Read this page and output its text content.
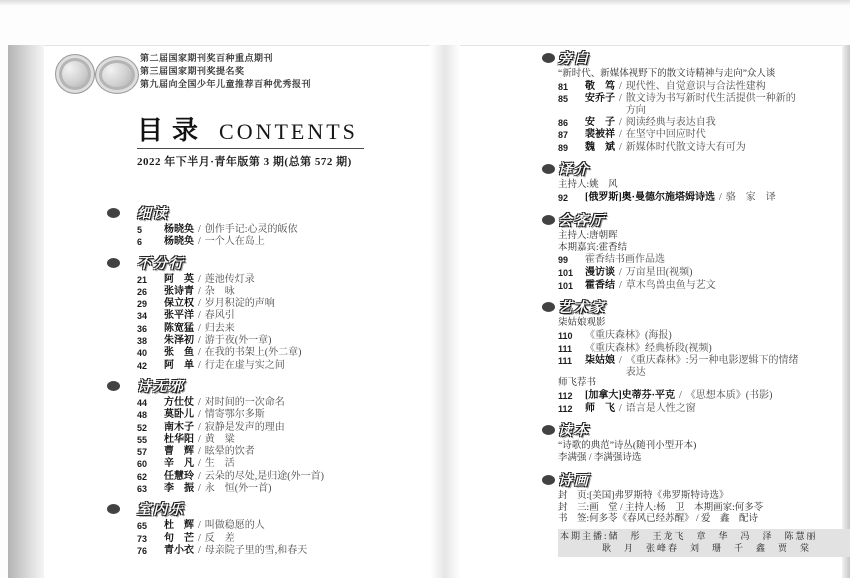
第二届国家期刊奖百种重点期刊
第三届国家期刊奖提名奖
第九届向全国少年儿童推荐百种优秀报刊
目录 CONTENTS
2022 年下半月·青年版第 3 期(总第 572 期)
细读
5	杨晓奂 / 创作手记:心灵的皈依
6	杨晓奂 / 一个人在岛上
不分行
21	阿　英 / 莲池传灯录
26	张诗青 / 杂　咏
29	保立权 / 岁月积淀的声响
34	张平洋 / 春风引
36	陈宽猛 / 归去来
38	朱泽初 / 游于夜(外一章)
40	张　鱼 / 在我的书架上(外二章)
42	阿　单 / 行走在虚与实之间
诗无邪
44	方仕仗 / 对时间的一次命名
48	莫卧儿 / 情寄鄂尔多斯
52	南木子 / 寂静是发声的理由
55	杜华阳 / 黄　粱
57	曹　辉 / 眩晕的饮者
60	辛　凡 / 生　活
62	任慧玲 / 云朵的尽处,是归途(外一首)
63	李　振 / 永　恒(外一首)
室内乐
65	杜　辉 / 叫做稳愿的人
73	句　芒 / 反　差
76	青小衣 / 母亲院子里的雪,和春天
旁白
“新时代、新媒体视野下的散文诗精神与走向”众人谈
81	敬　笃 / 现代性、自觉意识与合法性建构
85	安乔子 / 散文诗为书写新时代生活提供一种新的方向
86	安　子 / 阅读经典与表达自我
87	裴被祥 / 在坚守中回应时代
89	魏　斌 / 新媒体时代散文诗大有可为
译介
主持人:姚　风
92	[俄罗斯]奥·曼德尔施塔姆诗选 / 骆　家　译
会客厅
主持人:唐朝晖
本期嘉宾:霍香结
99	霍香结书画作品选
101	漫访谈 / 万亩星田(视频)
101	霍香结 / 草木鸟兽虫鱼与艺文
艺术家
柒姑娘观影
110	《重庆森林》(海报)
111	《重庆森林》经典桥段(视频)
111	柒姑娘 / 《重庆森林》:另一种电影逻辑下的情绪表达
师飞荐书
112	[加拿大]史蒂芬·平克 / 《思想本质》(书影)
112	师　飞 / 语言是人性之窗
读本
“诗歌的典范”诗丛(随刊小型开本)
李满强 / 李满强诗选
诗画
封　页:[美国]弗罗斯特《弗罗斯特诗选》
封　三:画　堂 / 主持人:杨　卫　本期画家:何多苓
书　签:何多苓《春风已经苏醒》 / 爱　鑫　配诗
本期主播:储　彤　王龙飞　章　华　冯　泽　陈慧丽
耿　月　张峰春　刘　珊　千　鑫　贾　棠
